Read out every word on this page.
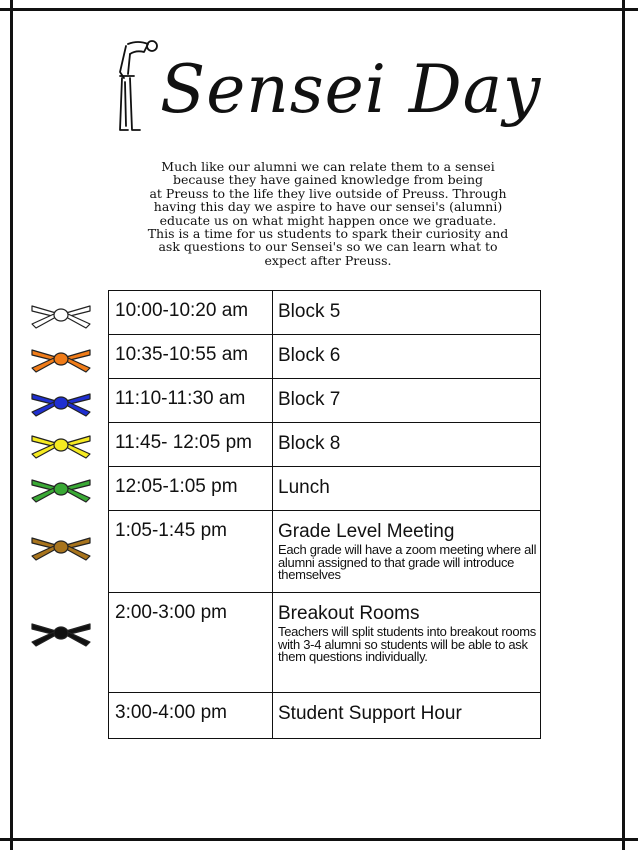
Sensei Day
Much like our alumni we can relate them to a sensei
because they have gained knowledge from being
at Preuss to the life they live outside of Preuss. Through
having this day we aspire to have our sensei's (alumni)
educate us on what might happen once we graduate.
This is a time for us students to spark their curiosity and
ask questions to our Sensei's so we can learn what to
expect after Preuss.
10:00-10:20 am	Block 5

10:35-10:55 am	Block 6

11:10-11:30 am	Block 7

11:45- 12:05 pm	Block 8

12:05-1:05 pm	Lunch

1:05-1:45 pm	Grade Level Meeting
Each grade will have a zoom meeting where all alumni assigned to that grade will introduce themselves

2:00-3:00 pm	Breakout Rooms
Teachers will split students into breakout rooms with 3-4 alumni so students will be able to ask them questions individually.

3:00-4:00 pm	Student Support Hour
